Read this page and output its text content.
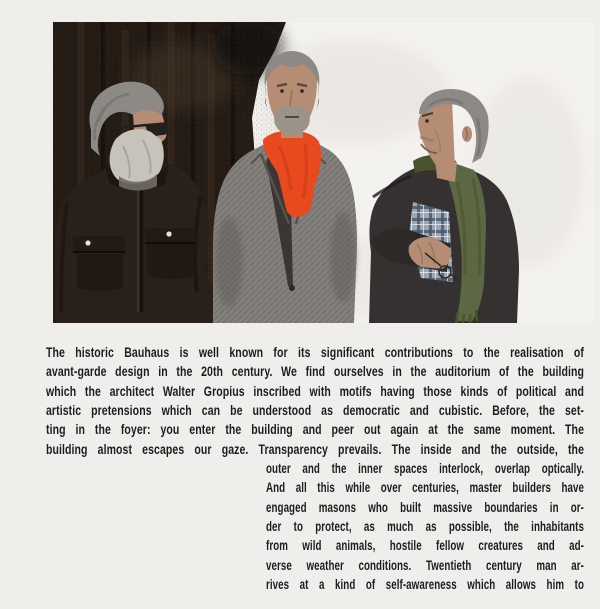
The historic Bauhaus is well known for its significant contributions to the realisation of
avant-garde design in the 20th century. We find ourselves in the auditorium of the building
which the architect Walter Gropius inscribed with motifs having those kinds of political and
artistic pretensions which can be understood as democratic and cubistic. Before, the set-
ting in the foyer: you enter the building and peer out again at the same moment. The
building almost escapes our gaze. Transparency prevails. The inside and the outside, the
outer and the inner spaces interlock, overlap optically.
And all this while over centuries, master builders have
engaged masons who built massive boundaries in or-
der to protect, as much as possible, the inhabitants
from wild animals, hostile fellow creatures and ad-
verse weather conditions. Twentieth century man ar-
rives at a kind of self-awareness which allows him to
